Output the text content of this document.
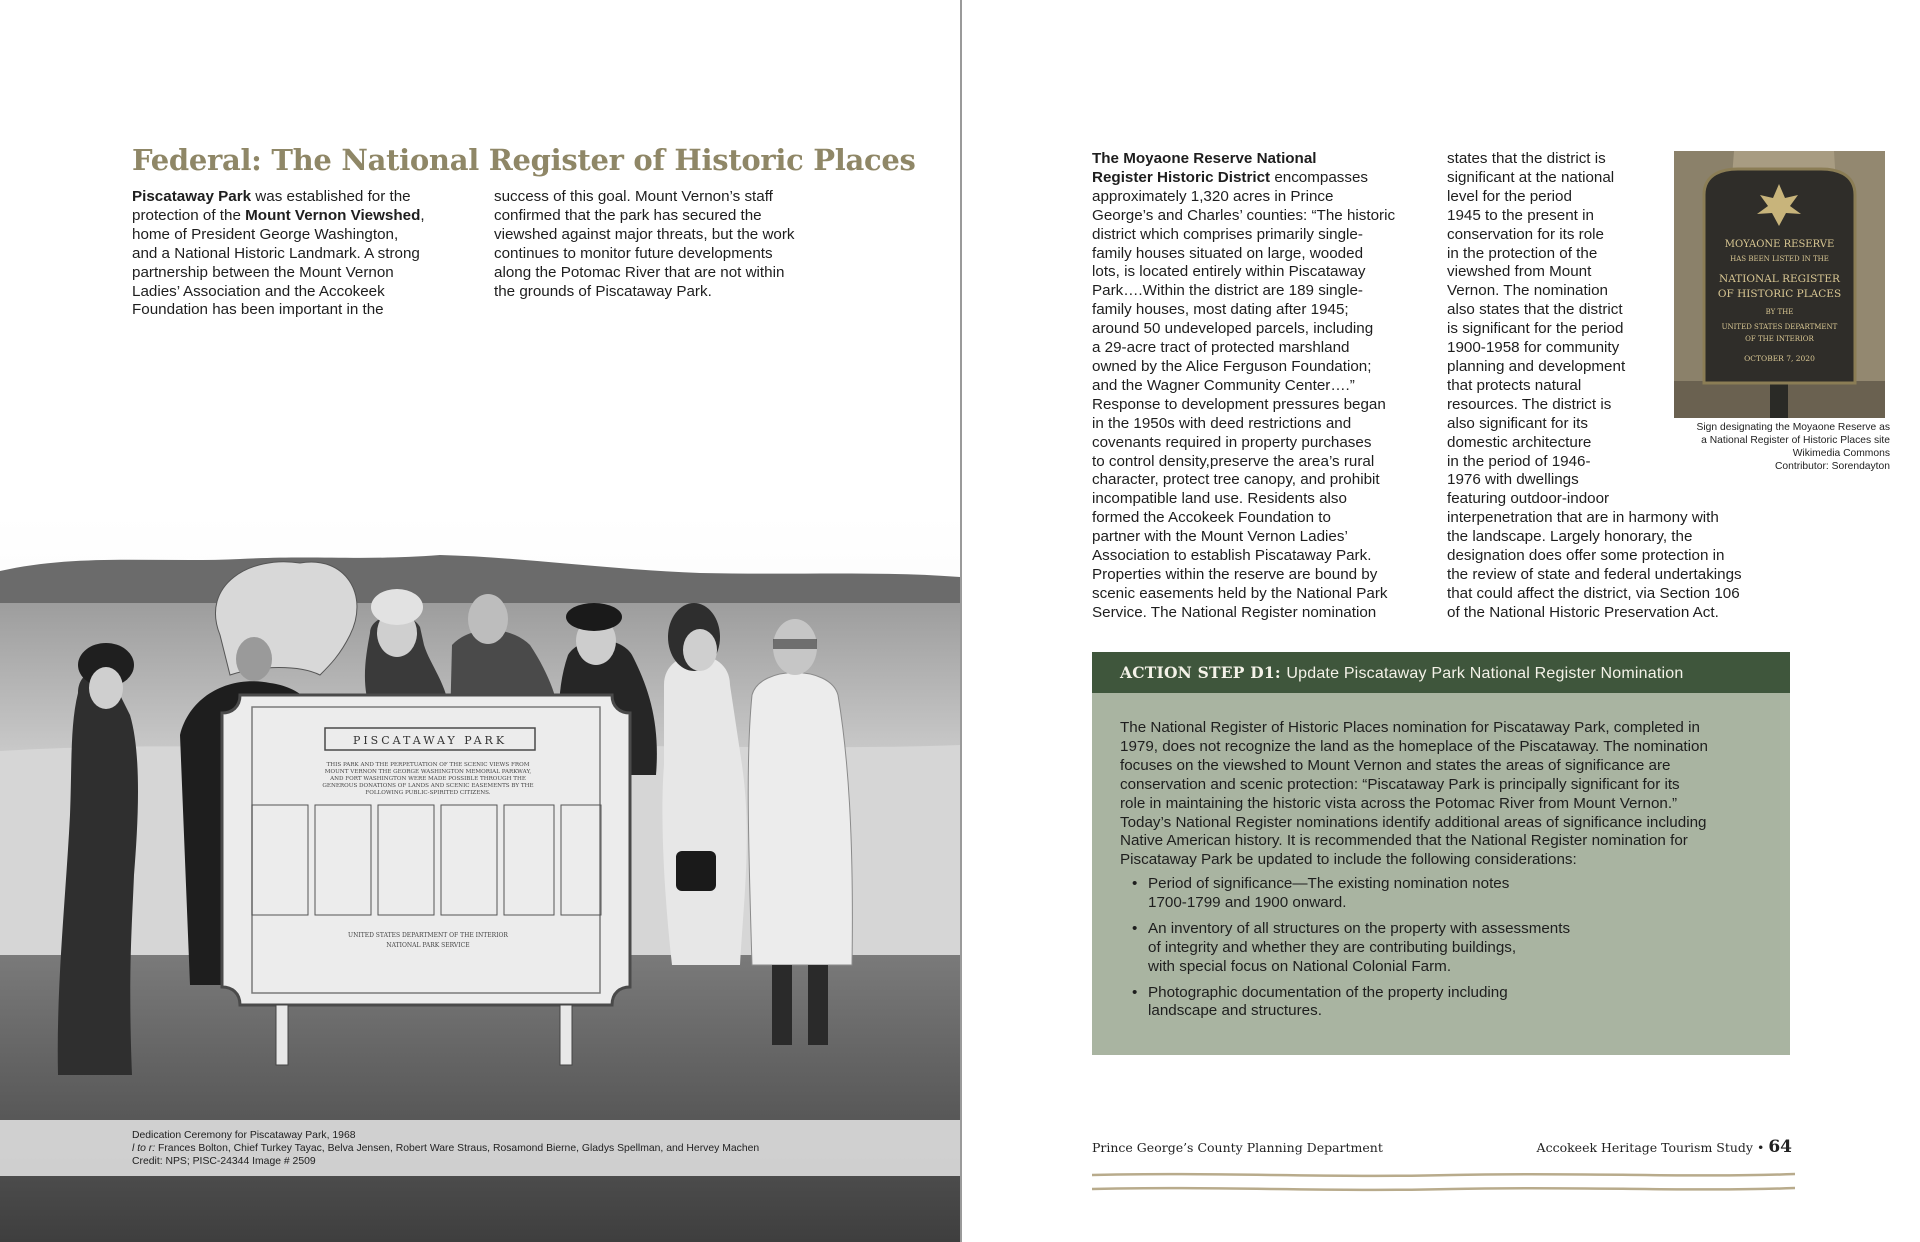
Federal: The National Register of Historic Places
Piscataway Park was established for the
protection of the Mount Vernon Viewshed,
home of President George Washington,
and a National Historic Landmark. A strong
partnership between the Mount Vernon
Ladies’ Association and the Accokeek
Foundation has been important in the
success of this goal. Mount Vernon’s staff
confirmed that the park has secured the
viewshed against major threats, but the work
continues to monitor future developments
along the Potomac River that are not within
the grounds of Piscataway Park.
PISCATAWAY PARK
THIS PARK AND THE PERPETUATION OF THE SCENIC VIEWS FROM
MOUNT VERNON THE GEORGE WASHINGTON MEMORIAL PARKWAY,
AND FORT WASHINGTON WERE MADE POSSIBLE THROUGH THE
GENEROUS DONATIONS OF LANDS AND SCENIC EASEMENTS BY THE
FOLLOWING PUBLIC-SPIRITED CITIZENS.
UNITED STATES DEPARTMENT OF THE INTERIOR
NATIONAL PARK SERVICE
Dedication Ceremony for Piscataway Park, 1968
l to r: Frances Bolton, Chief Turkey Tayac, Belva Jensen, Robert Ware Straus, Rosamond Bierne, Gladys Spellman, and Hervey Machen
Credit: NPS; PISC-24344 Image # 2509
The Moyaone Reserve National
Register Historic District encompasses
approximately 1,320 acres in Prince
George’s and Charles’ counties: “The historic
district which comprises primarily single-
family houses situated on large, wooded
lots, is located entirely within Piscataway
Park….Within the district are 189 single-
family houses, most dating after 1945;
around 50 undeveloped parcels, including
a 29-acre tract of protected marshland
owned by the Alice Ferguson Foundation;
and the Wagner Community Center….”
Response to development pressures began
in the 1950s with deed restrictions and
covenants required in property purchases
to control density,preserve the area’s rural
character, protect tree canopy, and prohibit
incompatible land use. Residents also
formed the Accokeek Foundation to
partner with the Mount Vernon Ladies’
Association to establish Piscataway Park.
Properties within the reserve are bound by
scenic easements held by the National Park
Service. The National Register nomination
states that the district is
significant at the national
level for the period
1945 to the present in
conservation for its role
in the protection of the
viewshed from Mount
Vernon. The nomination
also states that the district
is significant for the period
1900-1958 for community
planning and development
that protects natural
resources. The district is
also significant for its
domestic architecture
in the period of 1946-
1976 with dwellings
featuring outdoor-indoor
interpenetration that are in harmony with
the landscape. Largely honorary, the
designation does offer some protection in
the review of state and federal undertakings
that could affect the district, via Section 106
of the National Historic Preservation Act.
MOYAONE RESERVE
HAS BEEN LISTED IN THE
NATIONAL REGISTER
OF HISTORIC PLACES
BY THE
UNITED STATES DEPARTMENT
OF THE INTERIOR
OCTOBER 7, 2020
Sign designating the Moyaone Reserve as
a National Register of Historic Places site
Wikimedia Commons
Contributor: Sorendayton
ACTION STEP D1: Update Piscataway Park National Register Nomination

The National Register of Historic Places nomination for Piscataway Park, completed in
1979, does not recognize the land as the homeplace of the Piscataway. The nomination
focuses on the viewshed to Mount Vernon and states the areas of significance are
conservation and scenic protection: “Piscataway Park is principally significant for its
role in maintaining the historic vista across the Potomac River from Mount Vernon.”
Today’s National Register nominations identify additional areas of significance including
Native American history. It is recommended that the National Register nomination for
Piscataway Park be updated to include the following considerations:

• Period of significance—The existing nomination notes
1700-1799 and 1900 onward.
• An inventory of all structures on the property with assessments
of integrity and whether they are contributing buildings,
with special focus on National Colonial Farm.
• Photographic documentation of the property including
landscape and structures.
Prince George’s County Planning Department	Accokeek Heritage Tourism Study • 64
